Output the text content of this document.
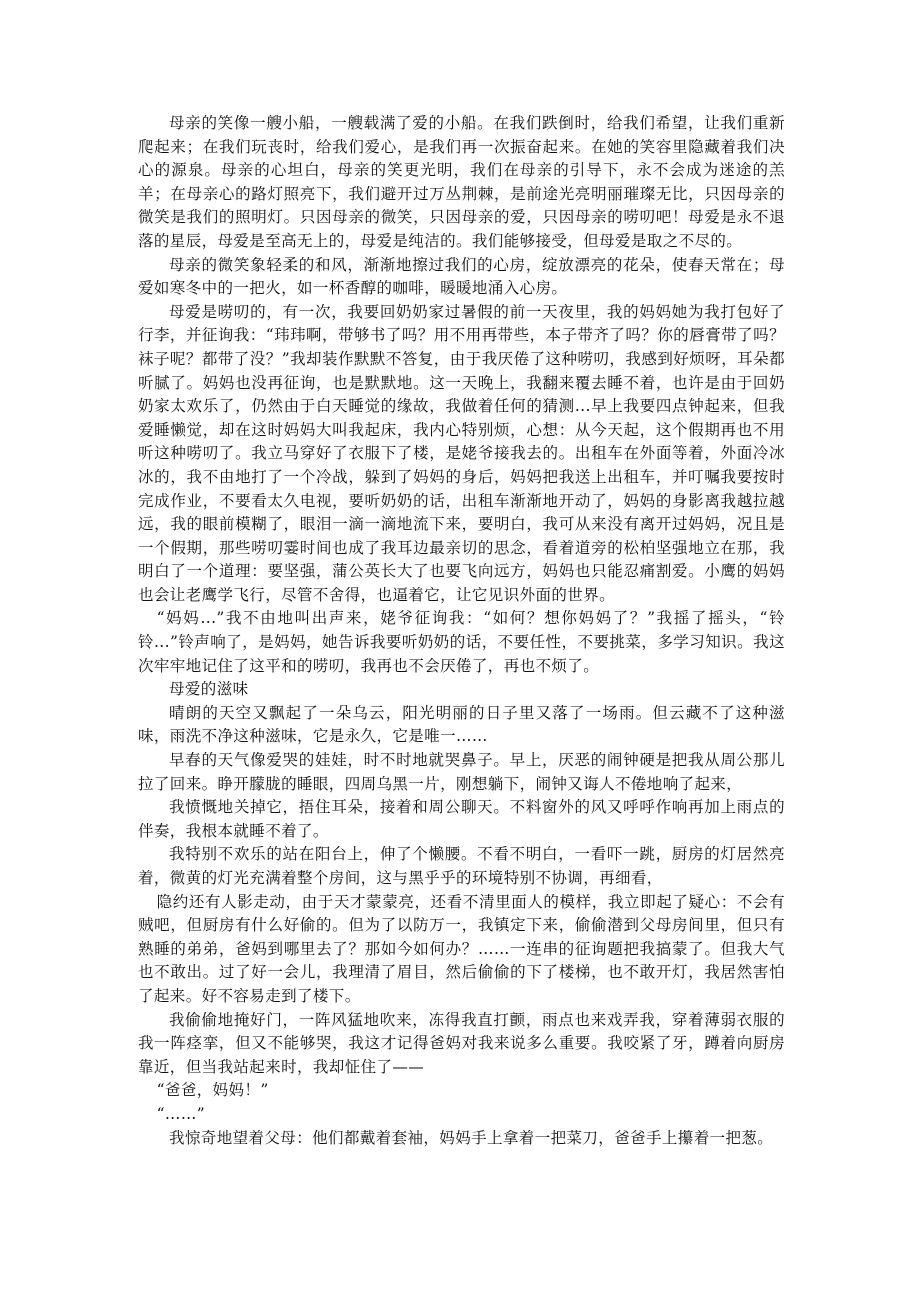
母亲的笑像一艘小船，一艘载满了爱的小船。在我们跌倒时，给我们希望，让我们重新爬起来；在我们玩丧时，给我们爱心，是我们再一次振奋起来。在她的笑容里隐藏着我们决心的源泉。母亲的心坦白，母亲的笑更光明，我们在母亲的引导下，永不会成为迷途的羔羊；在母亲心的路灯照亮下，我们避开过万丛荆棘，是前途光亮明丽璀璨无比，只因母亲的微笑是我们的照明灯。只因母亲的微笑，只因母亲的爱，只因母亲的唠叨吧！母爱是永不退落的星辰，母爱是至高无上的，母爱是纯洁的。我们能够接受，但母爱是取之不尽的。

母亲的微笑象轻柔的和风，渐渐地擦过我们的心房，绽放漂亮的花朵，使春天常在；母爱如寒冬中的一把火，如一杯香醇的咖啡，暖暖地涌入心房。

母爱是唠叨的，有一次，我要回奶奶家过暑假的前一天夜里，我的妈妈她为我打包好了行李，并征询我：“玮玮啊，带够书了吗？用不用再带些，本子带齐了吗？你的唇膏带了吗？袜子呢？都带了没？”我却装作默默不答复，由于我厌倦了这种唠叨，我感到好烦呀，耳朵都听腻了。妈妈也没再征询，也是默默地。这一天晚上，我翻来覆去睡不着，也许是由于回奶奶家太欢乐了，仍然由于白天睡觉的缘故，我做着任何的猜测...早上我要四点钟起来，但我爱睡懒觉，却在这时妈妈大叫我起床，我内心特别烦，心想：从今天起，这个假期再也不用听这种唠叨了。我立马穿好了衣服下了楼，是姥爷接我去的。出租车在外面等着，外面冷冰冰的，我不由地打了一个冷战，躲到了妈妈的身后，妈妈把我送上出租车，并叮嘱我要按时完成作业，不要看太久电视，要听奶奶的话，出租车渐渐地开动了，妈妈的身影离我越拉越远，我的眼前模糊了，眼泪一滴一滴地流下来，要明白，我可从来没有离开过妈妈，况且是一个假期，那些唠叨霎时间也成了我耳边最亲切的思念，看着道旁的松柏坚强地立在那，我明白了一个道理：要坚强，蒲公英长大了也要飞向远方，妈妈也只能忍痛割爱。小鹰的妈妈也会让老鹰学飞行，尽管不舍得，也逼着它，让它见识外面的世界。

“妈妈...”我不由地叫出声来，姥爷征询我：“如何？想你妈妈了？”我摇了摇头，“铃铃...”铃声响了，是妈妈，她告诉我要听奶奶的话，不要任性，不要挑菜，多学习知识。我这次牢牢地记住了这平和的唠叨，我再也不会厌倦了，再也不烦了。

母爱的滋味

晴朗的天空又飘起了一朵乌云，阳光明丽的日子里又落了一场雨。但云藏不了这种滋味，雨洗不净这种滋味，它是永久，它是唯一……

早春的天气像爱哭的娃娃，时不时地就哭鼻子。早上，厌恶的闹钟硬是把我从周公那儿拉了回来。睁开朦胧的睡眼，四周乌黑一片，刚想躺下，闹钟又诲人不倦地响了起来，

我愤慨地关掉它，捂住耳朵，接着和周公聊天。不料窗外的风又呼呼作响再加上雨点的伴奏，我根本就睡不着了。

我特别不欢乐的站在阳台上，伸了个懒腰。不看不明白，一看吓一跳，厨房的灯居然亮着，微黄的灯光充满着整个房间，这与黑乎乎的环境特别不协调，再细看，

隐约还有人影走动，由于天才蒙蒙亮，还看不清里面人的模样，我立即起了疑心：不会有贼吧，但厨房有什么好偷的。但为了以防万一，我镇定下来，偷偷潜到父母房间里，但只有熟睡的弟弟，爸妈到哪里去了？那如今如何办？……一连串的征询题把我搞蒙了。但我大气也不敢出。过了好一会儿，我理清了眉目，然后偷偷的下了楼梯，也不敢开灯，我居然害怕了起来。好不容易走到了楼下。

我偷偷地掩好门，一阵风猛地吹来，冻得我直打颤，雨点也来戏弄我，穿着薄弱衣服的我一阵痉挛，但又不能够哭，我这才记得爸妈对我来说多么重要。我咬紧了牙，蹲着向厨房靠近，但当我站起来时，我却怔住了——

“爸爸，妈妈！”

“……”

我惊奇地望着父母：他们都戴着套袖，妈妈手上拿着一把菜刀，爸爸手上攥着一把葱。
